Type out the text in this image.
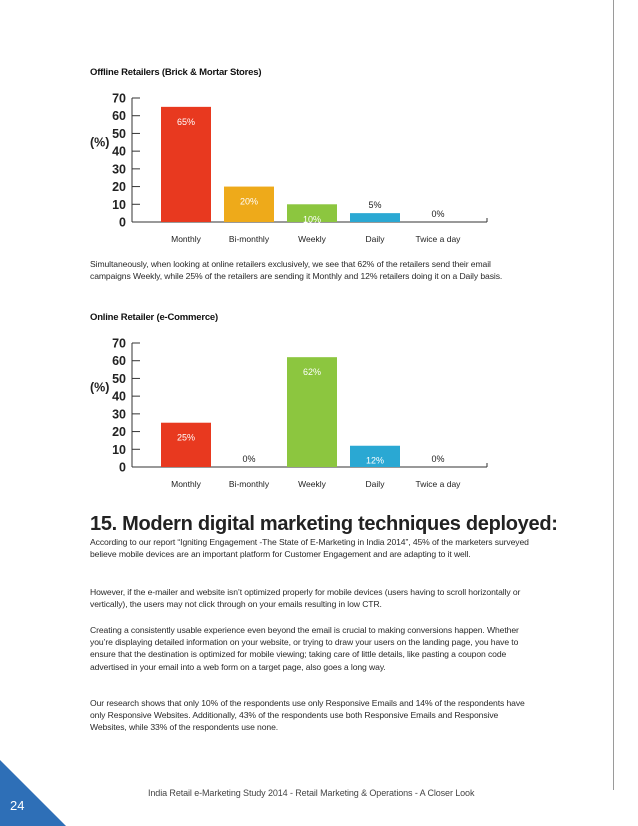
Offline Retailers (Brick & Mortar Stores)
0
10
20
30
40
50
60
70
(%)
65%
Monthly
20%
Bi-monthly
10%
Weekly
5%
Daily
0%
Twice a day

Simultaneously, when looking at online retailers exclusively, we see that 62% of the retailers send their email campaigns Weekly, while 25% of the retailers are sending it Monthly and 12% retailers doing it on a Daily basis.

Online Retailer (e-Commerce)
0
10
20
30
40
50
60
70
(%)
25%
Monthly
0%
Bi-monthly
62%
Weekly
12%
Daily
0%
Twice a day
15. Modern digital marketing techniques deployed:

According to our report “Igniting Engagement -The State of E-Marketing in India 2014”, 45% of the marketers surveyed believe mobile devices are an important platform for Customer Engagement and are adapting to it well.

However, if the e-mailer and website isn’t optimized properly for mobile devices (users having to scroll horizontally or vertically), the users may not click through on your emails resulting in low CTR.

Creating a consistently usable experience even beyond the email is crucial to making conversions happen. Whether you’re displaying detailed information on your website, or trying to draw your users on the landing page, you have to ensure that the destination is optimized for mobile viewing; taking care of little details, like pasting a coupon code advertised in your email into a web form on a target page, also goes a long way.

Our research shows that only 10% of the respondents use only Responsive Emails and 14% of the respondents have only Responsive Websites. Additionally, 43% of the respondents use both Responsive Emails and Responsive Websites, while 33% of the respondents use none.

India Retail e-Marketing Study 2014 - Retail Marketing & Operations - A Closer Look
24
